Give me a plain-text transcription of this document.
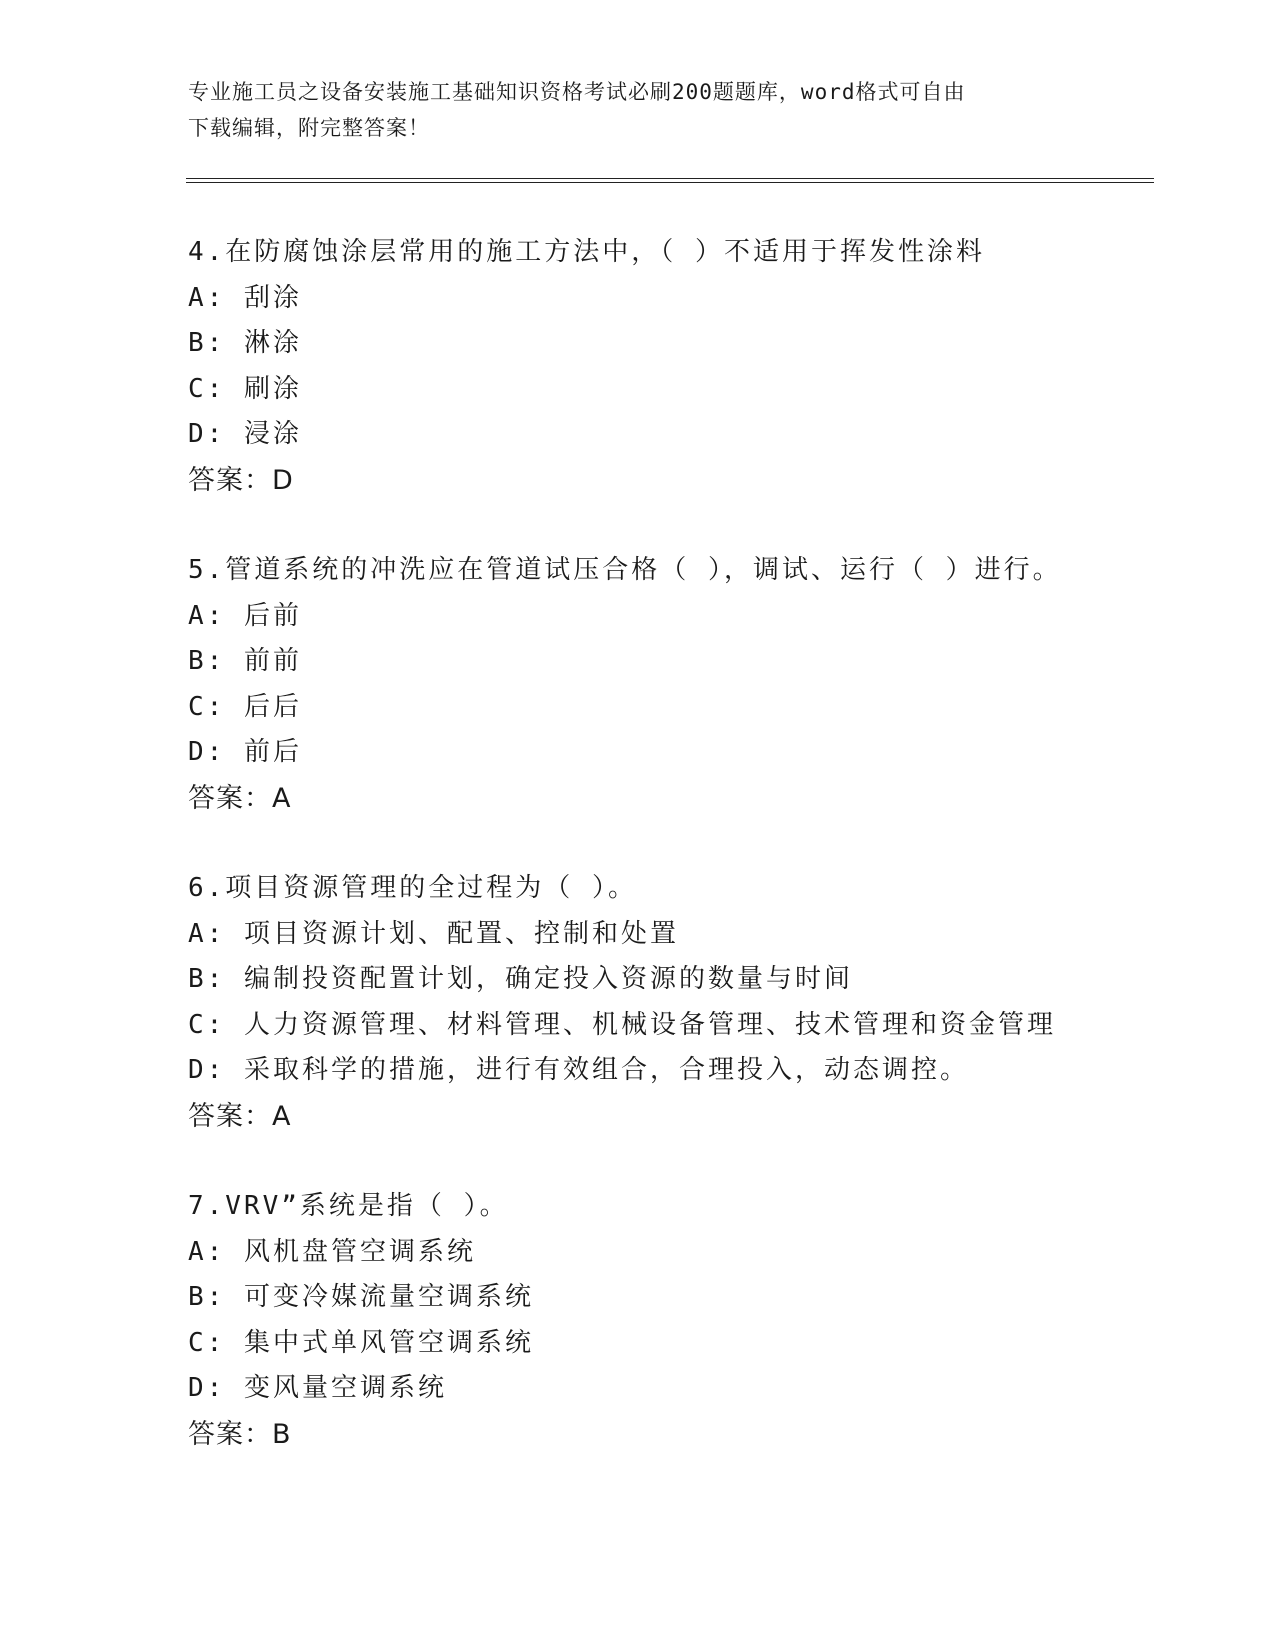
专业施工员之设备安装施工基础知识资格考试必刷200题题库，word格式可自由
下载编辑，附完整答案！
4.在防腐蚀涂层常用的施工方法中，（ ）不适用于挥发性涂料
A: 刮涂
B: 淋涂
C: 刷涂
D: 浸涂
答案：D
5.管道系统的冲洗应在管道试压合格（ ），调试、运行（ ）进行。
A: 后前
B: 前前
C: 后后
D: 前后
答案：A
6.项目资源管理的全过程为（ ）。
A: 项目资源计划、配置、控制和处置
B: 编制投资配置计划，确定投入资源的数量与时间
C: 人力资源管理、材料管理、机械设备管理、技术管理和资金管理
D: 采取科学的措施，进行有效组合，合理投入，动态调控。
答案：A
7.VRV”系统是指（ ）。
A: 风机盘管空调系统
B: 可变冷媒流量空调系统
C: 集中式单风管空调系统
D: 变风量空调系统
答案：B
